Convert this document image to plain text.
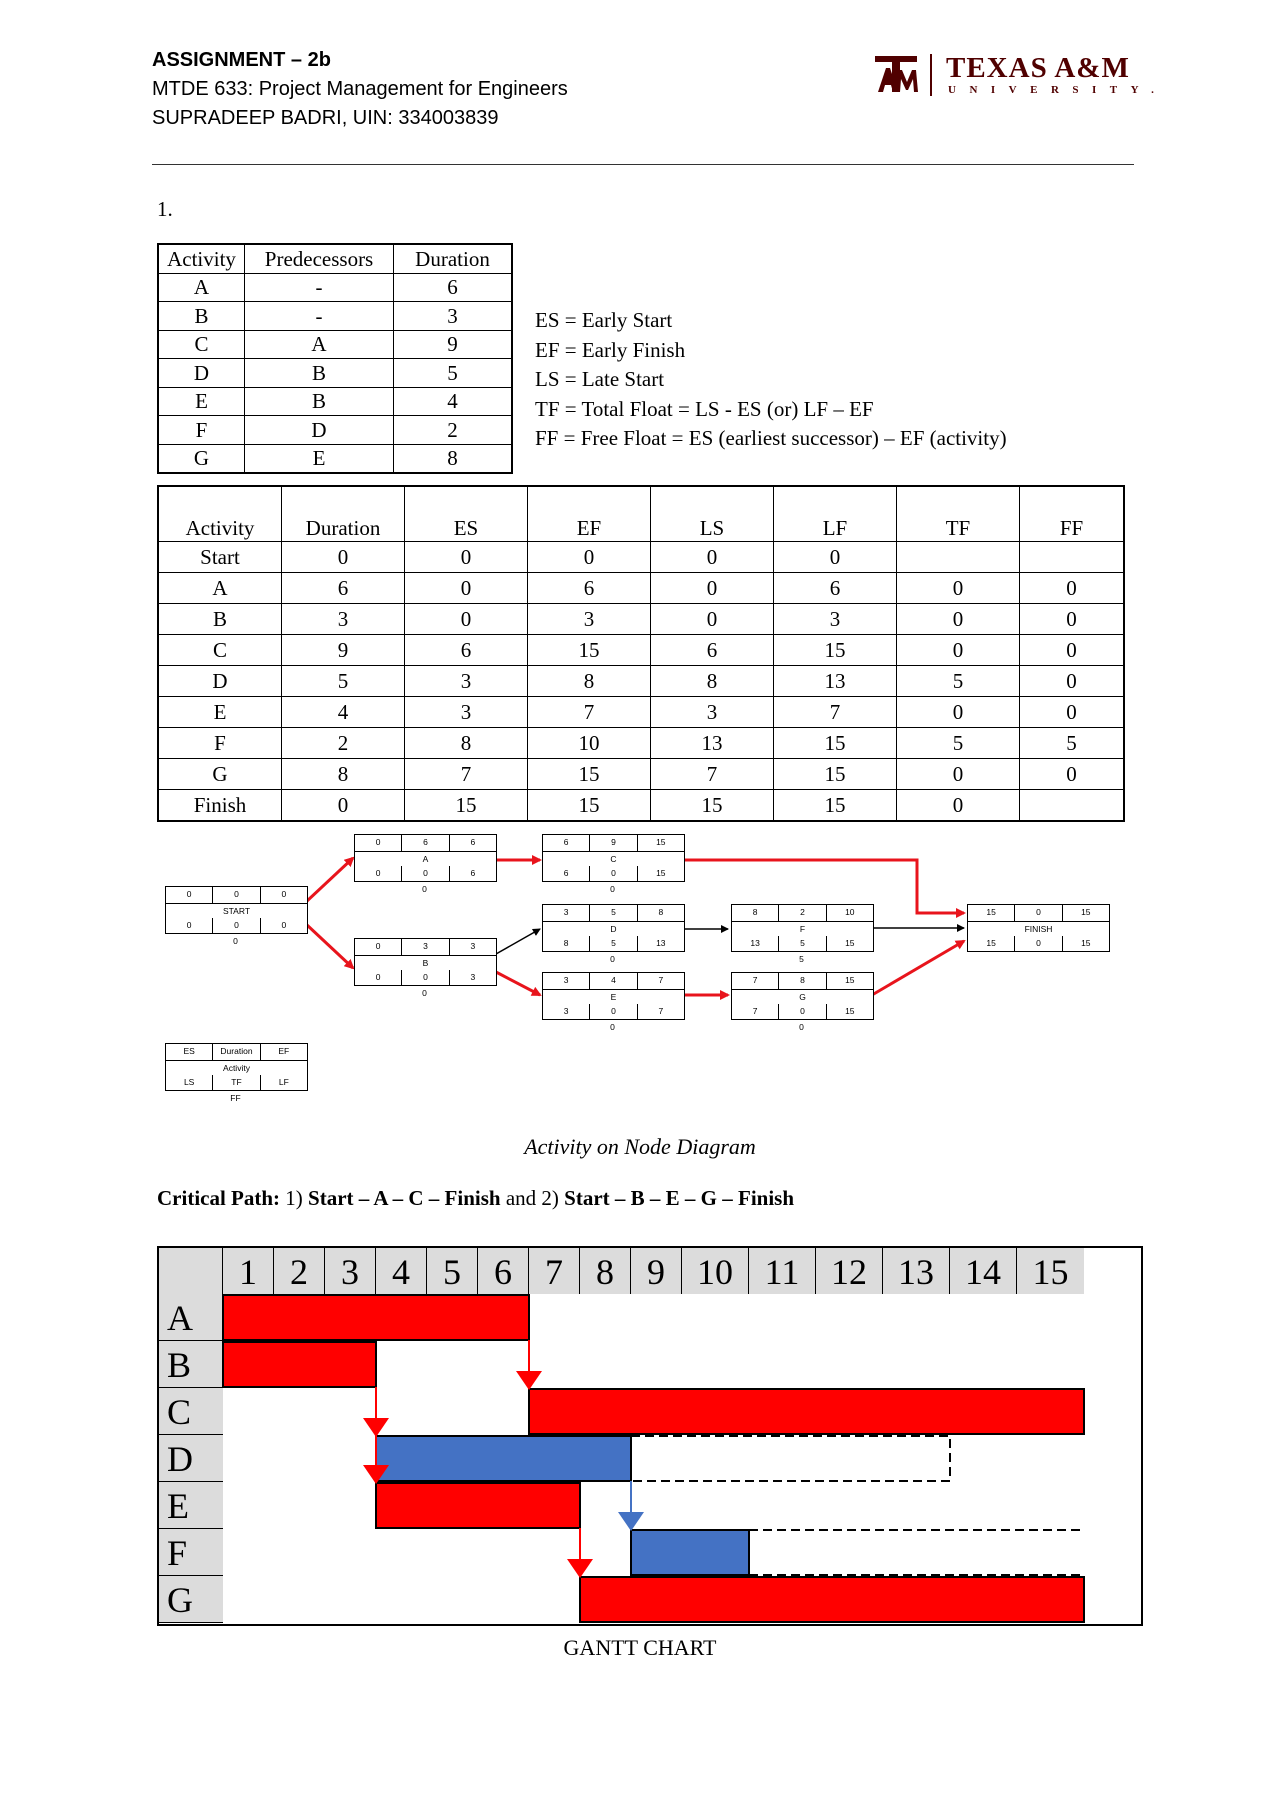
ASSIGNMENT – 2b
MTDE 633: Project Management for Engineers
SUPRADEEP BADRI, UIN: 334003839
TEXAS A&M
UNIVERSITY.
1.
Activity	Predecessors	Duration
A	-	6
B	-	3
C	A	9
D	B	5
E	B	4
F	D	2
G	E	8
ES = Early Start
EF = Early Finish
LS = Late Start
TF = Total Float = LS - ES (or) LF – EF
FF = Free Float = ES (earliest successor) – EF (activity)
Activity	Duration	ES	EF	LS	LF	TF	FF
Start	0	0	0	0	0		
A	6	0	6	0	6	0	0
B	3	0	3	0	3	0	0
C	9	6	15	6	15	0	0
D	5	3	8	8	13	5	0
E	4	3	7	3	7	0	0
F	2	8	10	13	15	5	5
G	8	7	15	7	15	0	0
Finish	0	15	15	15	15	0	
0	0	0
START
0	0	0
0
0	6	6
A
0	0	6
0
0	3	3
B
0	0	3
0
6	9	15
C
6	0	15
0
3	5	8
D
8	5	13
0
3	4	7
E
3	0	7
0
8	2	10
F
13	5	15
5
7	8	15
G
7	0	15
0
15	0	15
FINISH
15	0	15
ES	Duration	EF
Activity
LS	TF	LF
FF
Activity on Node Diagram
Critical Path: 1) Start – A – C – Finish and 2) Start – B – E – G – Finish
1 2 3 4 5 6 7 8 9 10 11 12 13 14 15
A
B
C
D
E
F
G
GANTT CHART
